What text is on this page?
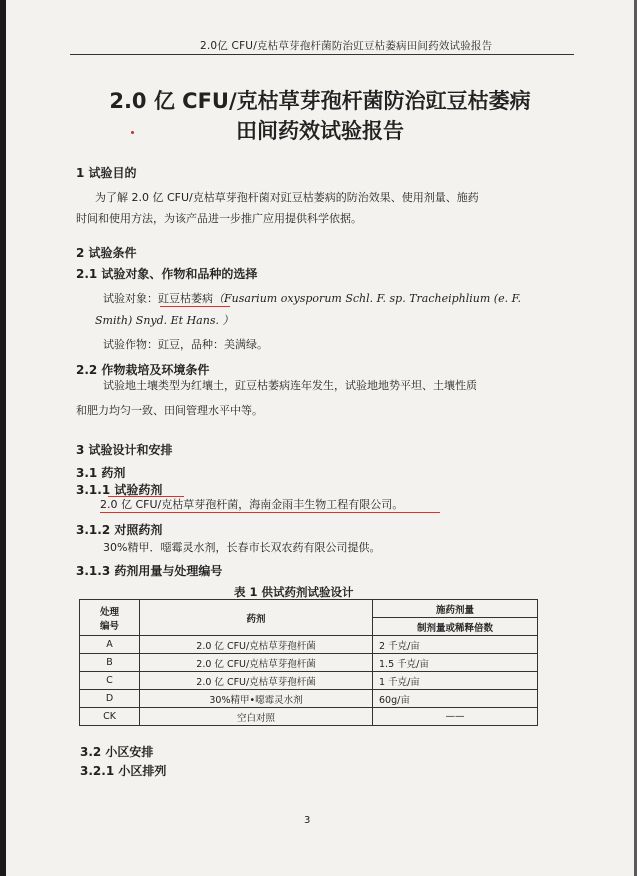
2.0亿 CFU/克枯草芽孢杆菌防治豇豆枯萎病田间药效试验报告
2.0 亿 CFU/克枯草芽孢杆菌防治豇豆枯萎病
田间药效试验报告
1 试验目的
为了解 2.0 亿 CFU/克枯草芽孢杆菌对豇豆枯萎病的防治效果、使用剂量、施药
时间和使用方法，为该产品进一步推广应用提供科学依据。
2 试验条件
2.1 试验对象、作物和品种的选择
试验对象：豇豆枯萎病（Fusarium oxysporum Schl. F. sp. Tracheiphlium (e. F.
Smith) Snyd. Et Hans. ）
试验作物：豇豆，品种：美满绿。
2.2 作物栽培及环境条件
试验地土壤类型为红壤土，豇豆枯萎病连年发生，试验地地势平坦、土壤性质
和肥力均匀一致、田间管理水平中等。
3 试验设计和安排
3.1 药剂
3.1.1 试验药剂
2.0 亿 CFU/克枯草芽孢杆菌，海南金雨丰生物工程有限公司。
3.1.2 对照药剂
30%精甲．噁霉灵水剂，长春市长双农药有限公司提供。
3.1.3 药剂用量与处理编号
表 1 供试药剂试验设计
处理
编号	药剂	施药剂量
		制剂量或稀释倍数
A	2.0 亿 CFU/克枯草芽孢杆菌	2 千克/亩
B	2.0 亿 CFU/克枯草芽孢杆菌	1.5 千克/亩
C	2.0 亿 CFU/克枯草芽孢杆菌	1 千克/亩
D	30%精甲•噁霉灵水剂	60g/亩
CK	空白对照	——
3.2 小区安排
3.2.1 小区排列
3
